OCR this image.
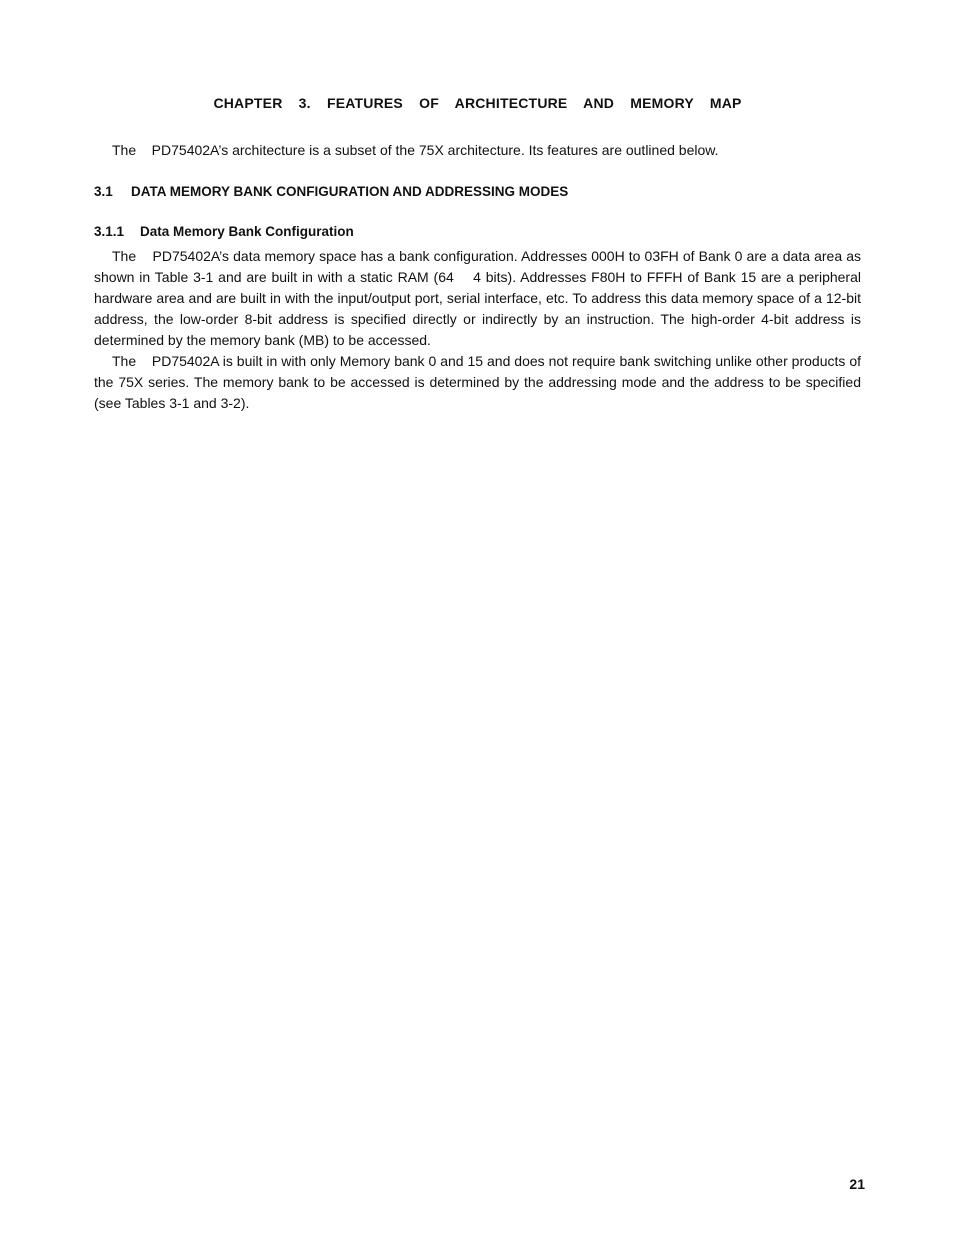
CHAPTER  3.  FEATURES  OF  ARCHITECTURE  AND  MEMORY  MAP

The    PD75402A’s architecture is a subset of the 75X architecture. Its features are outlined below.

3.1 DATA MEMORY BANK CONFIGURATION AND ADDRESSING MODES
3.1.1 Data Memory Bank Configuration

The    PD75402A’s data memory space has a bank configuration. Addresses 000H to 03FH of Bank 0 are a data area as shown in Table 3-1 and are built in with a static RAM (64    4 bits). Addresses F80H to FFFH of Bank 15 are a peripheral hardware area and are built in with the input/output port, serial interface, etc. To address this data memory space of a 12-bit address, the low-order 8-bit address is specified directly or indirectly by an instruction. The high-order 4-bit address is determined by the memory bank (MB) to be accessed.

The    PD75402A is built in with only Memory bank 0 and 15 and does not require bank switching unlike other products of the 75X series. The memory bank to be accessed is determined by the addressing mode and the address to be specified (see Tables 3-1 and 3-2).

21
